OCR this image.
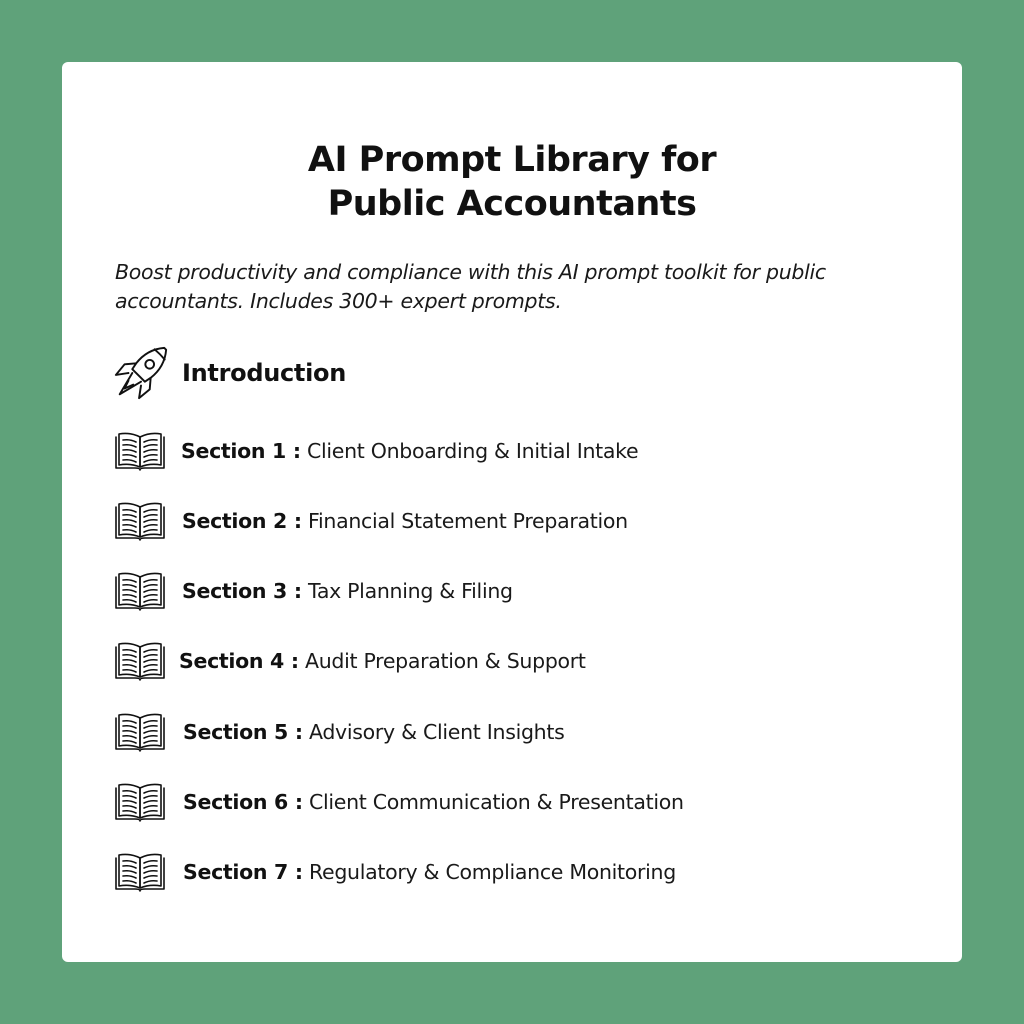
AI Prompt Library for
Public Accountants
Boost productivity and compliance with this AI prompt toolkit for public
accountants. Includes 300+ expert prompts.
Introduction
Section 1 : Client Onboarding & Initial Intake
Section 2 : Financial Statement Preparation
Section 3 : Tax Planning & Filing
Section 4 : Audit Preparation & Support
Section 5 : Advisory & Client Insights
Section 6 : Client Communication & Presentation
Section 7 : Regulatory & Compliance Monitoring
